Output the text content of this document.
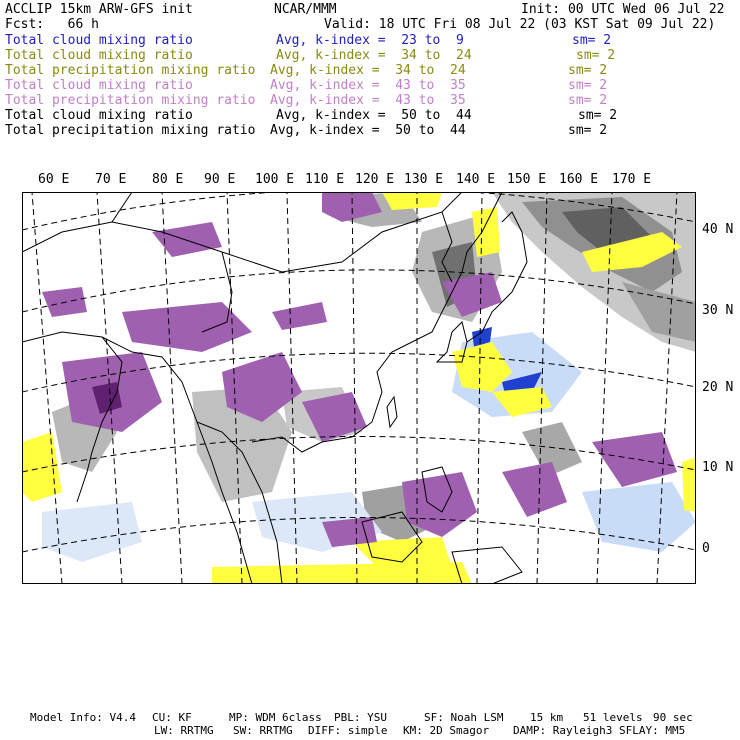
ACCLIP 15km ARW-GFS init	NCAR/MMM	Init: 00 UTC Wed 06 Jul 22
Fcst:   66 h	Valid: 18 UTC Fri 08 Jul 22 (03 KST Sat 09 Jul 22)
Total cloud mixing ratio	Avg, k-index =  23 to  9	sm= 2
Total cloud mixing ratio	Avg, k-index =  34 to  24	sm= 2
Total precipitation mixing ratio Avg, k-index =  34 to  24	sm= 2
Total cloud mixing ratio	Avg, k-index =  43 to  35	sm= 2
Total precipitation mixing ratio Avg, k-index =  43 to  35	sm= 2
Total cloud mixing ratio	Avg, k-index =  50 to  44	sm= 2
Total precipitation mixing ratio Avg, k-index =  50 to  44	sm= 2
60 E 70 E 80 E 90 E 100 E 110 E 120 E 130 E 140 E 150 E 160 E 170 E
40 N
30 N
20 N
10 N
0
Model Info: V4.4 CU: KF	MP: WDM 6class PBL: YSU	SF: Noah LSM 15 km 51 levels 90 sec
LW: RRTMG SW: RRTMG DIFF: simple KM: 2D Smagor DAMP: Rayleigh3 SFLAY: MM5
